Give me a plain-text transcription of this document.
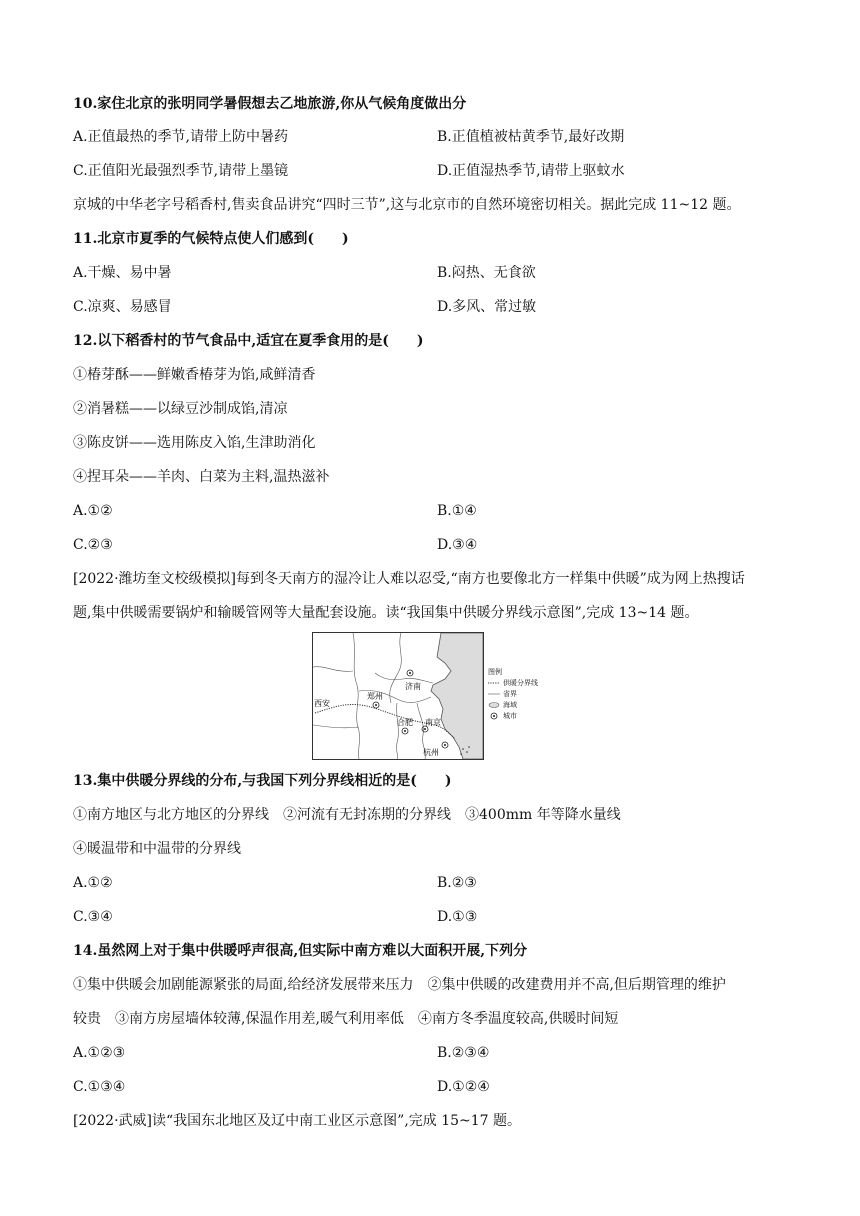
10.家住北京的张明同学暑假想去乙地旅游,你从气候角度做出分
A.正值最热的季节,请带上防中暑药	B.正值植被枯黄季节,最好改期
C.正值阳光最强烈季节,请带上墨镜	D.正值湿热季节,请带上驱蚊水
京城的中华老字号稻香村,售卖食品讲究“四时三节”,这与北京市的自然环境密切相关。据此完成 11~12 题。
11.北京市夏季的气候特点使人们感到(　　)
A.干燥、易中暑	B.闷热、无食欲
C.凉爽、易感冒	D.多风、常过敏
12.以下稻香村的节气食品中,适宜在夏季食用的是(　　)
①椿芽酥——鲜嫩香椿芽为馅,咸鲜清香
②消暑糕——以绿豆沙制成馅,清凉
③陈皮饼——选用陈皮入馅,生津助消化
④捏耳朵——羊肉、白菜为主料,温热滋补
A.①②	B.①④
C.②③	D.③④
[2022·潍坊奎文校级模拟]每到冬天南方的湿冷让人难以忍受,“南方也要像北方一样集中供暖”成为网上热搜话
题,集中供暖需要锅炉和输暖管网等大量配套设施。读“我国集中供暖分界线示意图”,完成 13~14 题。
济南
郑州
西安
合肥 南京
杭州
图例
供暖分界线
省界
海域
城市
13.集中供暖分界线的分布,与我国下列分界线相近的是(　　)
①南方地区与北方地区的分界线　②河流有无封冻期的分界线　③400mm 年等降水量线
④暖温带和中温带的分界线
A.①②	B.②③
C.③④	D.①③
14.虽然网上对于集中供暖呼声很高,但实际中南方难以大面积开展,下列分
①集中供暖会加剧能源紧张的局面,给经济发展带来压力　②集中供暖的改建费用并不高,但后期管理的维护
较贵　③南方房屋墙体较薄,保温作用差,暖气利用率低　④南方冬季温度较高,供暖时间短
A.①②③	B.②③④
C.①③④	D.①②④
[2022·武威]读“我国东北地区及辽中南工业区示意图”,完成 15~17 题。
